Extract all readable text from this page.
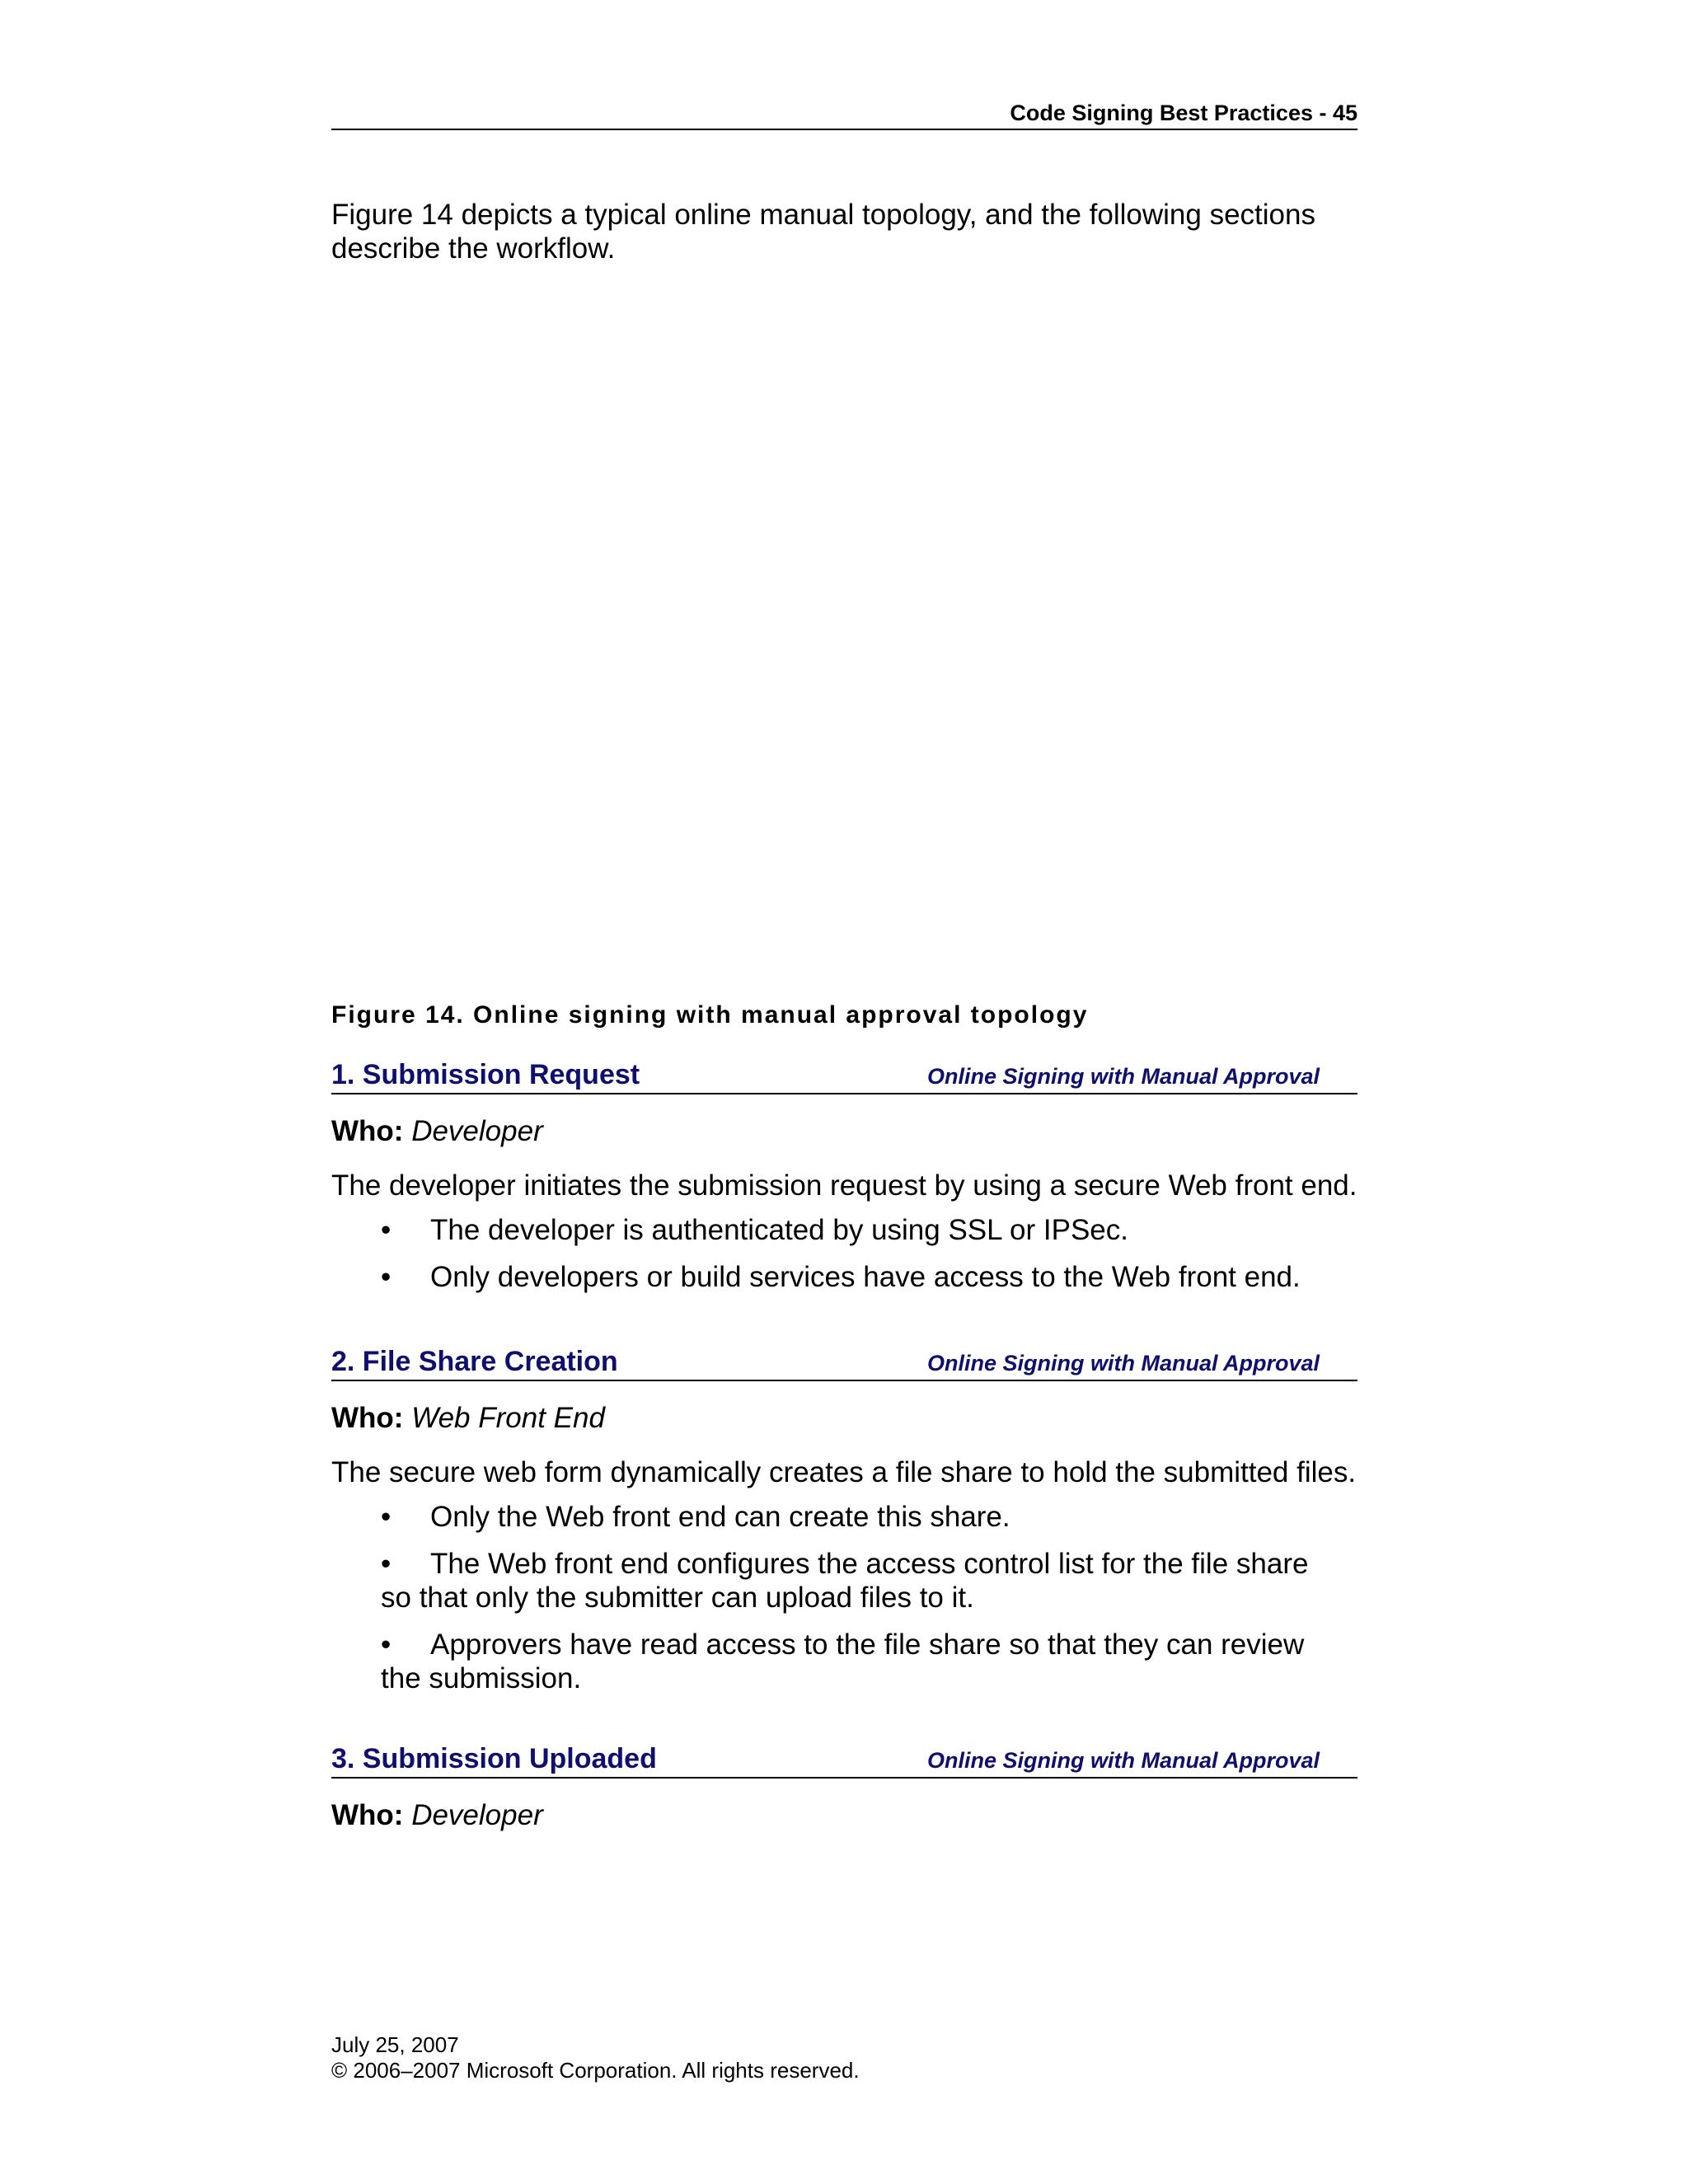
Code Signing Best Practices - 45
Figure 14 depicts a typical online manual topology, and the following sections describe the workflow.
Figure 14. Online signing with manual approval topology
1. Submission Request	Online Signing with Manual Approval
Who: Developer
The developer initiates the submission request by using a secure Web front end.
• The developer is authenticated by using SSL or IPSec.
• Only developers or build services have access to the Web front end.
2. File Share Creation	Online Signing with Manual Approval
Who: Web Front End
The secure web form dynamically creates a file share to hold the submitted files.
• Only the Web front end can create this share.
• The Web front end configures the access control list for the file share so that only the submitter can upload files to it.
• Approvers have read access to the file share so that they can review the submission.
3. Submission Uploaded	Online Signing with Manual Approval
Who: Developer
July 25, 2007
© 2006–2007 Microsoft Corporation. All rights reserved.
